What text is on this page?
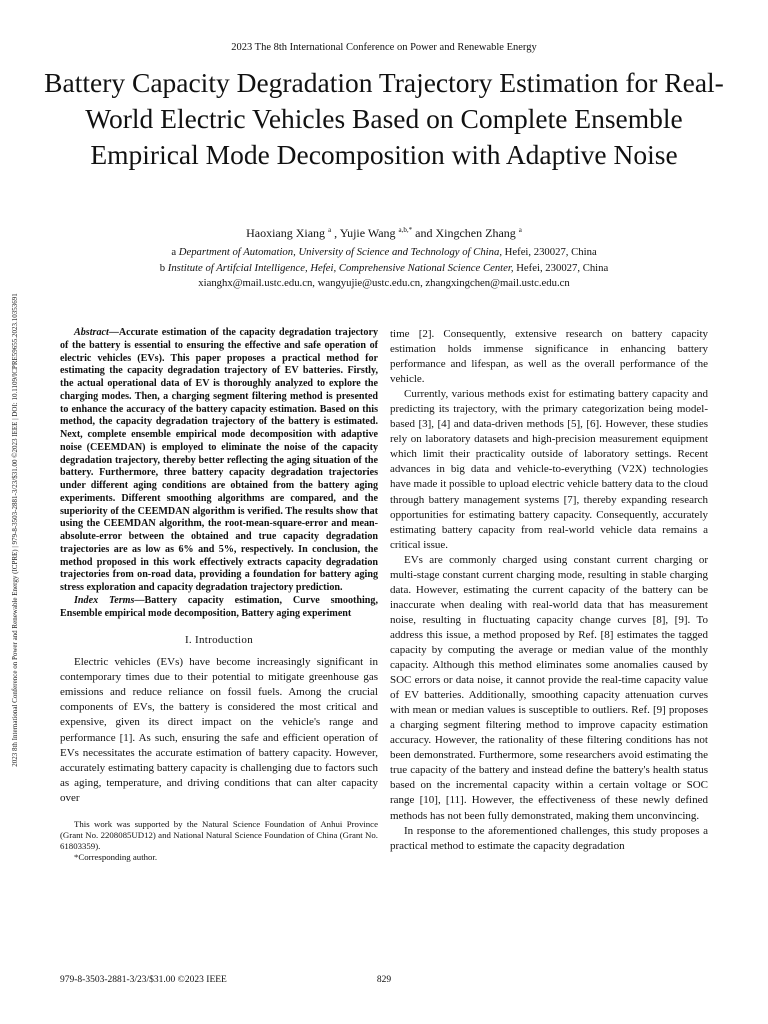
2023 8th International Conference on Power and Renewable Energy (ICPRE) | 979-8-3503-2881-3/23/$31.00 ©2023 IEEE | DOI: 10.1109/ICPRE59655.2023.10353691
2023 The 8th International Conference on Power and Renewable Energy
Battery Capacity Degradation Trajectory Estimation for Real-World Electric Vehicles Based on Complete Ensemble Empirical Mode Decomposition with Adaptive Noise
Haoxiang Xiang $^a$ , Yujie Wang $^{a,b,*}$ and Xingchen Zhang $^a$
a Department of Automation, University of Science and Technology of China, Hefei, 230027, China
b Institute of Artifcial Intelligence, Hefei, Comprehensive National Science Center, Hefei, 230027, China
xianghx@mail.ustc.edu.cn, wangyujie@ustc.edu.cn, zhangxingchen@mail.ustc.edu.cn

Abstract—Accurate estimation of the capacity degradation trajectory of the battery is essential to ensuring the effective and safe operation of electric vehicles (EVs). This paper proposes a practical method for estimating the capacity degradation trajectory of EV batteries. Firstly, the actual operational data of EV is thoroughly analyzed to explore the charging modes. Then, a charging segment filtering method is presented to enhance the accuracy of the battery capacity estimation. Based on this method, the capacity degradation trajectory of the battery is estimated. Next, complete ensemble empirical mode decomposition with adaptive noise (CEEMDAN) is employed to eliminate the noise of the capacity degradation trajectory, thereby better reflecting the aging situation of the battery. Furthermore, three battery capacity degradation trajectories under different aging conditions are obtained from the battery aging experiments. Different smoothing algorithms are compared, and the superiority of the CEEMDAN algorithm is verified. The results show that using the CEEMDAN algorithm, the root-mean-square-error and mean-absolute-error between the obtained and true capacity degradation trajectories are as low as 6% and 5%, respectively. In conclusion, the method proposed in this work effectively extracts capacity degradation trajectories from on-road data, providing a foundation for battery aging stress exploration and capacity degradation trajectory prediction.

Index Terms—Battery capacity estimation, Curve smoothing, Ensemble empirical mode decomposition, Battery aging experiment

I. Introduction

Electric vehicles (EVs) have become increasingly significant in contemporary times due to their potential to mitigate greenhouse gas emissions and reduce reliance on fossil fuels. Among the crucial components of EVs, the battery is considered the most critical and expensive, given its direct impact on the vehicle's range and performance [1]. As such, ensuring the safe and efficient operation of EVs necessitates the accurate estimation of battery capacity. However, accurately estimating battery capacity is challenging due to factors such as aging, temperature, and driving conditions that can alter capacity over

This work was supported by the Natural Science Foundation of Anhui Province (Grant No. 2208085UD12) and National Natural Science Foundation of China (Grant No. 61803359).
*Corresponding author.

time [2]. Consequently, extensive research on battery capacity estimation holds immense significance in enhancing battery performance and lifespan, as well as the overall performance of the vehicle.

Currently, various methods exist for estimating battery capacity and predicting its trajectory, with the primary categorization being model-based [3], [4] and data-driven methods [5], [6]. However, these studies rely on laboratory datasets and high-precision measurement equipment which limit their practicality outside of laboratory settings. Recent advances in big data and vehicle-to-everything (V2X) technologies have made it possible to upload electric vehicle battery data to the cloud through battery management systems [7], thereby expanding research opportunities for estimating battery capacity. Consequently, accurately estimating battery capacity from real-world vehicle data remains a critical issue.

EVs are commonly charged using constant current charging or multi-stage constant current charging mode, resulting in stable charging data. However, estimating the current capacity of the battery can be inaccurate when dealing with real-world data that has measurement noise, resulting in fluctuating capacity change curves [8], [9]. To address this issue, a method proposed by Ref. [8] estimates the tagged capacity by computing the average or median value of the monthly capacity. Although this method eliminates some anomalies caused by SOC errors or data noise, it cannot provide the real-time capacity value of EV batteries. Additionally, smoothing capacity attenuation curves with mean or median values is susceptible to outliers. Ref. [9] proposes a charging segment filtering method to improve capacity estimation accuracy. However, the rationality of these filtering conditions has not been demonstrated. Furthermore, some researchers avoid estimating the true capacity of the battery and instead define the battery's health status based on the incremental capacity within a certain voltage or SOC range [10], [11]. However, the effectiveness of these newly defined methods has not been fully demonstrated, making them unconvincing.

In response to the aforementioned challenges, this study proposes a practical method to estimate the capacity degradation

979-8-3503-2881-3/23/$31.00 ©2023 IEEE	829
